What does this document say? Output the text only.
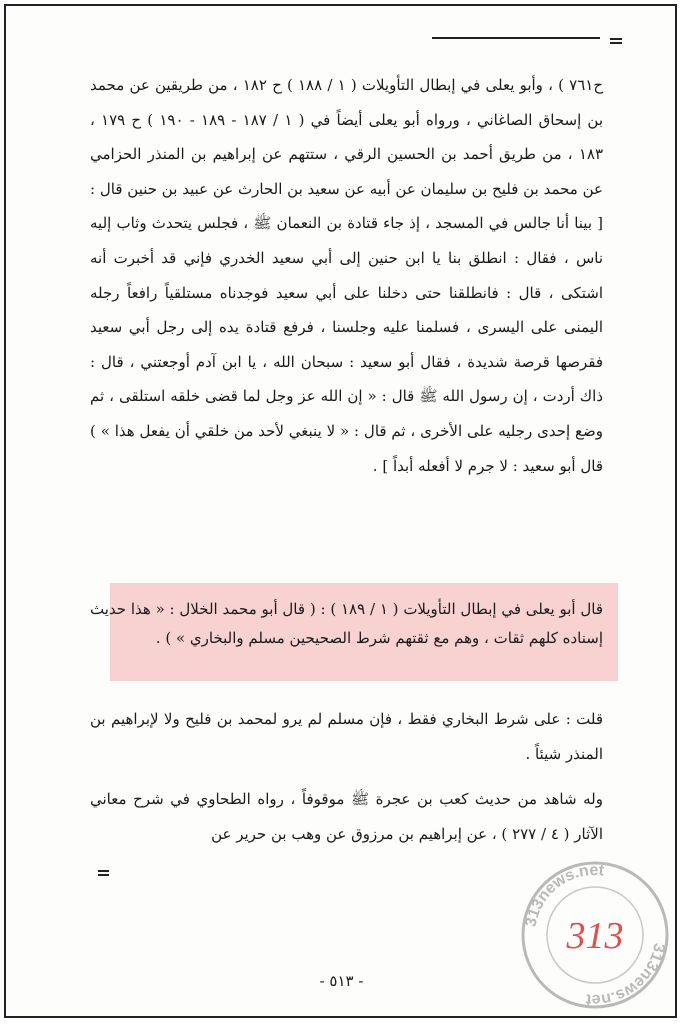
ح٧٦١ ) ، وأبو يعلى في إبطال التأويلات ( ١ / ١٨٨ ) ح ١٨٢ ، من طريقين عن محمد بن إسحاق الصاغاني ، ورواه أبو يعلى أيضاً في ( ١ / ١٨٧ - ١٨٩ - ١٩٠ ) ح ١٧٩ ، ١٨٣ ، من طريق أحمد بن الحسين الرقي ، ستتهم عن إبراهيم بن المنذر الحزامي عن محمد بن فليح بن سليمان عن أبيه عن سعيد بن الحارث عن عبيد بن حنين قال : [ بينا أنا جالس في المسجد ، إذ جاء قتادة بن النعمان ﷺ ، فجلس يتحدث وثاب إليه ناس ، فقال : انطلق بنا يا ابن حنين إلى أبي سعيد الخدري فإني قد أخبرت أنه اشتكى ، قال : فانطلقنا حتى دخلنا على أبي سعيد فوجدناه مستلقياً رافعاً رجله اليمنى على اليسرى ، فسلمنا عليه وجلسنا ، فرفع قتادة يده إلى رجل أبي سعيد فقرصها قرصة شديدة ، فقال أبو سعيد : سبحان الله ، يا ابن آدم أوجعتني ، قال : ذاك أردت ، إن رسول الله ﷺ قال : « إن الله عز وجل لما قضى خلقه استلقى ، ثم وضع إحدى رجليه على الأخرى ، ثم قال : « لا ينبغي لأحد من خلقي أن يفعل هذا » ) قال أبو سعيد : لا جرم لا أفعله أبداً ] .

قال أبو يعلى في إبطال التأويلات ( ١ / ١٨٩ ) : ( قال أبو محمد الخلال : « هذا حديث إسناده كلهم ثقات ، وهم مع ثقتهم شرط الصحيحين مسلم والبخاري » ) .

قلت : على شرط البخاري فقط ، فإن مسلم لم يرو لمحمد بن فليح ولا لإبراهيم بن المنذر شيئاً .

وله شاهد من حديث كعب بن عجرة ﷺ موقوفاً ، رواه الطحاوي في شرح معاني الآثار ( ٤ / ٢٧٧ ) ، عن إبراهيم بن مرزوق عن وهب بن حرير عن

- ٥١٣ -
313news.net
313news.net
313
